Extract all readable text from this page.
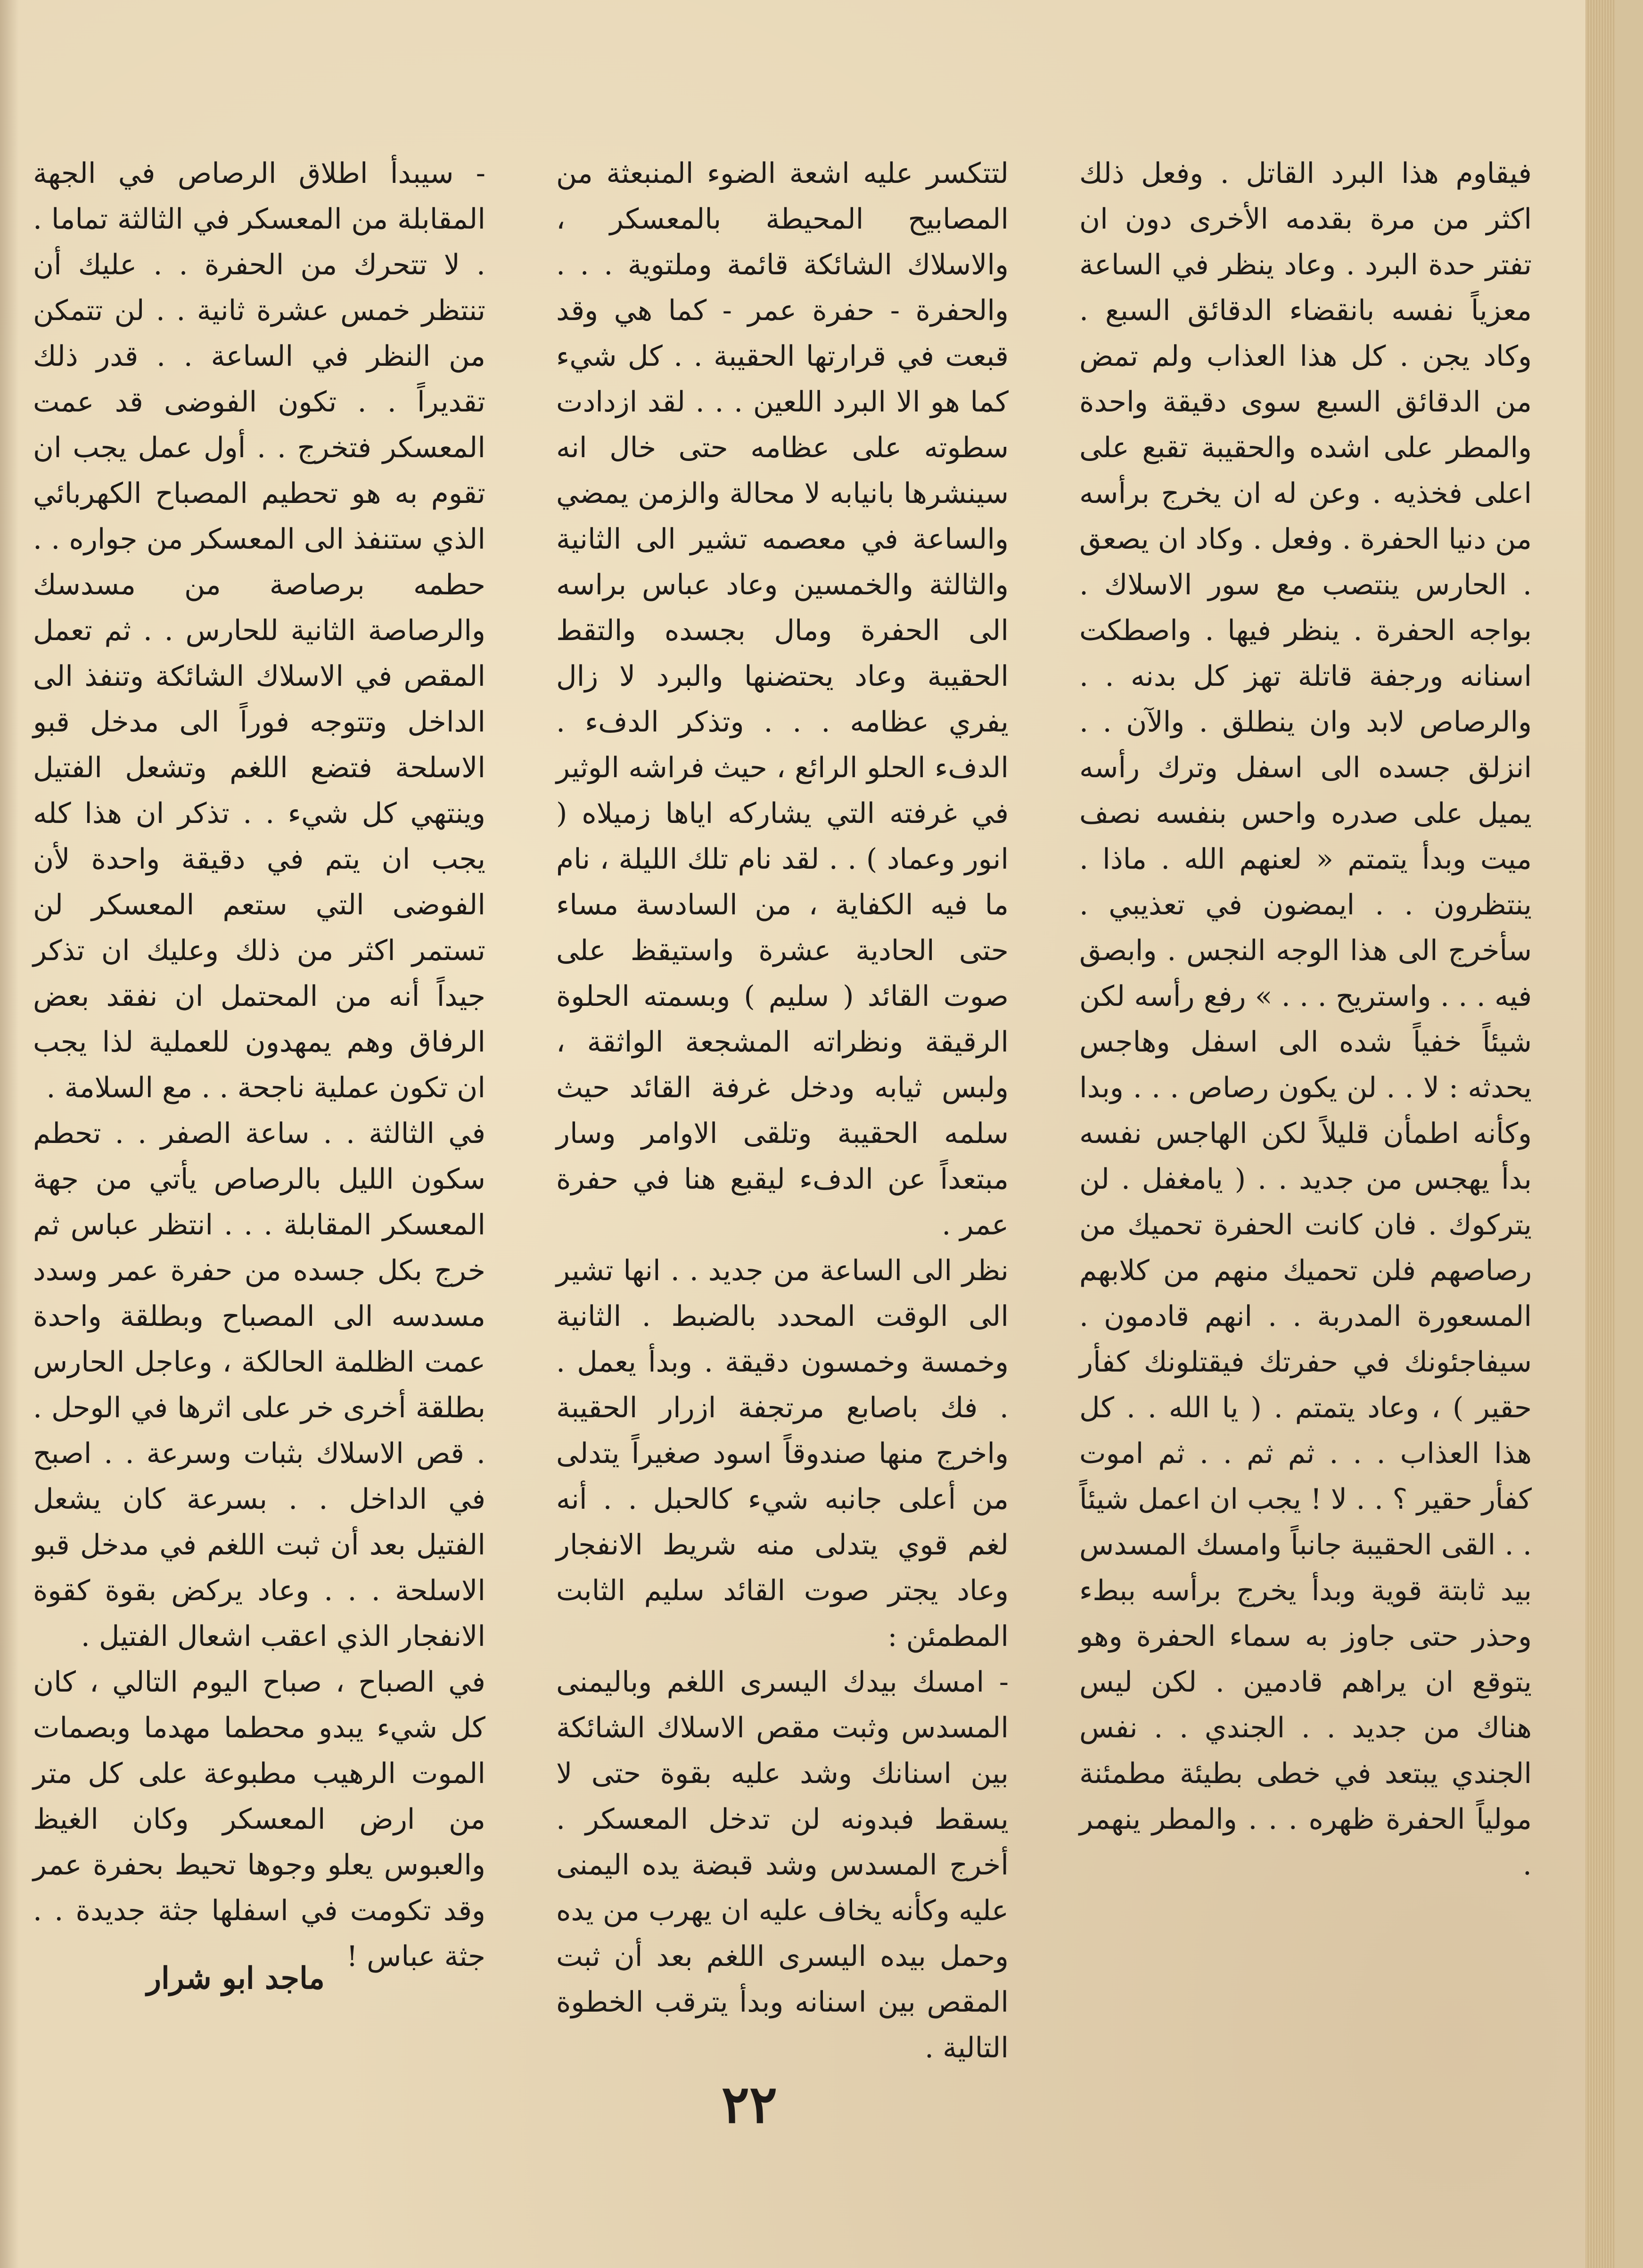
فيقاوم هذا البرد القاتل . وفعل ذلك اكثر من مرة بقدمه الأخرى دون ان تفتر حدة البرد . وعاد ينظر في الساعة معزياً نفسه بانقضاء الدقائق السبع . وكاد يجن . كل هذا العذاب ولم تمض من الدقائق السبع سوى دقيقة واحدة والمطر على اشده والحقيبة تقبع على اعلى فخذيه . وعن له ان يخرج برأسه من دنيا الحفرة . وفعل . وكاد ان يصعق . الحارس ينتصب مع سور الاسلاك . بواجه الحفرة . ينظر فيها . واصطكت اسنانه ورجفة قاتلة تهز كل بدنه . . والرصاص لابد وان ينطلق . والآن . . انزلق جسده الى اسفل وترك رأسه يميل على صدره واحس بنفسه نصف ميت وبدأ يتمتم « لعنهم الله . ماذا . ينتظرون . . ايمضون في تعذيبي . سأخرج الى هذا الوجه النجس . وابصق فيه . . . واستريح . . . » رفع رأسه لكن شيئاً خفياً شده الى اسفل وهاجس يحدثه : لا . . لن يكون رصاص . . . وبدا وكأنه اطمأن قليلاً لكن الهاجس نفسه بدأ يهجس من جديد . . ( يامغفل . لن يتركوك . فان كانت الحفرة تحميك من رصاصهم فلن تحميك منهم من كلابهم المسعورة المدربة . . انهم قادمون . سيفاجئونك في حفرتك فيقتلونك كفأر حقير ) ، وعاد يتمتم . ( يا الله . . كل هذا العذاب . . . ثم ثم . . ثم اموت كفأر حقير ؟ . . لا ! يجب ان اعمل شيئاً . . القى الحقيبة جانباً وامسك المسدس بيد ثابتة قوية وبدأ يخرج برأسه ببطء وحذر حتى جاوز به سماء الحفرة وهو يتوقع ان يراهم قادمين . لكن ليس هناك من جديد . . الجندي . . نفس الجندي يبتعد في خطى بطيئة مطمئنة مولياً الحفرة ظهره . . . والمطر ينهمر .

لتتكسر عليه اشعة الضوء المنبعثة من المصابيح المحيطة بالمعسكر ، والاسلاك الشائكة قائمة وملتوية . . . والحفرة - حفرة عمر - كما هي وقد قبعت في قرارتها الحقيبة . . كل شيء كما هو الا البرد اللعين . . . لقد ازدادت سطوته على عظامه حتى خال انه سينشرها بانيابه لا محالة والزمن يمضي والساعة في معصمه تشير الى الثانية والثالثة والخمسين وعاد عباس براسه الى الحفرة ومال بجسده والتقط الحقيبة وعاد يحتضنها والبرد لا زال يفري عظامه . . . وتذكر الدفء . الدفء الحلو الرائع ، حيث فراشه الوثير في غرفته التي يشاركه اياها زميلاه ( انور وعماد ) . . لقد نام تلك الليلة ، نام ما فيه الكفاية ، من السادسة مساء حتى الحادية عشرة واستيقظ على صوت القائد ( سليم ) وبسمته الحلوة الرقيقة ونظراته المشجعة الواثقة ، ولبس ثيابه ودخل غرفة القائد حيث سلمه الحقيبة وتلقى الاوامر وسار مبتعداً عن الدفء ليقبع هنا في حفرة عمر .

نظر الى الساعة من جديد . . انها تشير الى الوقت المحدد بالضبط . الثانية وخمسة وخمسون دقيقة . وبدأ يعمل . . فك باصابع مرتجفة ازرار الحقيبة واخرج منها صندوقاً اسود صغيراً يتدلى من أعلى جانبه شيء كالحبل . . أنه لغم قوي يتدلى منه شريط الانفجار وعاد يجتر صوت القائد سليم الثابت المطمئن :

- امسك بيدك اليسرى اللغم وباليمنى المسدس وثبت مقص الاسلاك الشائكة بين اسنانك وشد عليه بقوة حتى لا يسقط فبدونه لن تدخل المعسكر . أخرج المسدس وشد قبضة يده اليمنى عليه وكأنه يخاف عليه ان يهرب من يده وحمل بيده اليسرى اللغم بعد أن ثبت المقص بين اسنانه وبدأ يترقب الخطوة التالية .

- سيبدأ اطلاق الرصاص في الجهة المقابلة من المعسكر في الثالثة تماما . . لا تتحرك من الحفرة . . عليك أن تنتظر خمس عشرة ثانية . . لن تتمكن من النظر في الساعة . . قدر ذلك تقديراً . . تكون الفوضى قد عمت المعسكر فتخرج . . أول عمل يجب ان تقوم به هو تحطيم المصباح الكهربائي الذي ستنفذ الى المعسكر من جواره . . حطمه برصاصة من مسدسك والرصاصة الثانية للحارس . . ثم تعمل المقص في الاسلاك الشائكة وتنفذ الى الداخل وتتوجه فوراً الى مدخل قبو الاسلحة فتضع اللغم وتشعل الفتيل وينتهي كل شيء . . تذكر ان هذا كله يجب ان يتم في دقيقة واحدة لأن الفوضى التي ستعم المعسكر لن تستمر اكثر من ذلك وعليك ان تذكر جيداً أنه من المحتمل ان نفقد بعض الرفاق وهم يمهدون للعملية لذا يجب ان تكون عملية ناجحة . . مع السلامة .

في الثالثة . . ساعة الصفر . . تحطم سكون الليل بالرصاص يأتي من جهة المعسكر المقابلة . . . انتظر عباس ثم خرج بكل جسده من حفرة عمر وسدد مسدسه الى المصباح وبطلقة واحدة عمت الظلمة الحالكة ، وعاجل الحارس بطلقة أخرى خر على اثرها في الوحل . . قص الاسلاك بثبات وسرعة . . اصبح في الداخل . . بسرعة كان يشعل الفتيل بعد أن ثبت اللغم في مدخل قبو الاسلحة . . . وعاد يركض بقوة كقوة الانفجار الذي اعقب اشعال الفتيل .

في الصباح ، صباح اليوم التالي ، كان كل شيء يبدو محطما مهدما وبصمات الموت الرهيب مطبوعة على كل متر من ارض المعسكر وكان الغيظ والعبوس يعلو وجوها تحيط بحفرة عمر وقد تكومت في اسفلها جثة جديدة . . جثة عباس !

ماجد ابو شرار
٢٢
